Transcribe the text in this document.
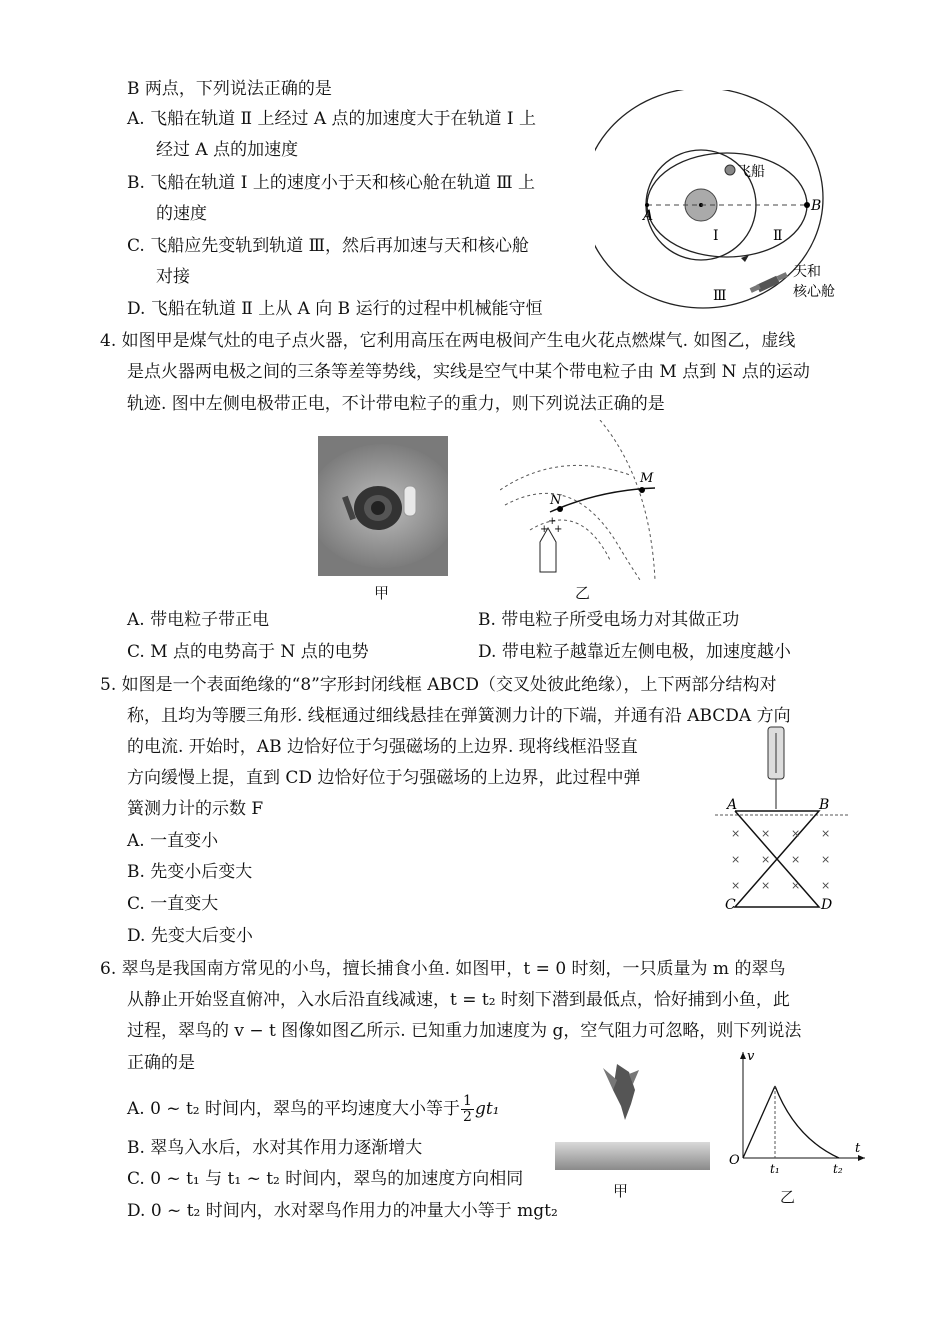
B 两点，下列说法正确的是
A. 飞船在轨道 Ⅱ 上经过 A 点的加速度大于在轨道 Ⅰ 上
经过 A 点的加速度
B. 飞船在轨道 Ⅰ 上的速度小于天和核心舱在轨道 Ⅲ 上
的速度
C. 飞船应先变轨到轨道 Ⅲ，然后再加速与天和核心舱
对接
D. 飞船在轨道 Ⅱ 上从 A 向 B 运行的过程中机械能守恒
飞船
A
B
Ⅰ	Ⅱ
Ⅲ
天和
核心舱
4. 如图甲是煤气灶的电子点火器，它利用高压在两电极间产生电火花点燃煤气. 如图乙，虚线
是点火器两电极之间的三条等差等势线，实线是空气中某个带电粒子由 M 点到 N 点的运动
轨迹. 图中左侧电极带正电，不计带电粒子的重力，则下列说法正确的是
甲
M
N
+
+
+
乙
A. 带电粒子带正电	B. 带电粒子所受电场力对其做正功
C. M 点的电势高于 N 点的电势	D. 带电粒子越靠近左侧电极，加速度越小
5. 如图是一个表面绝缘的“8”字形封闭线框 ABCD（交叉处彼此绝缘），上下两部分结构对
称，且均为等腰三角形. 线框通过细线悬挂在弹簧测力计的下端，并通有沿 ABCDA 方向
的电流. 开始时，AB 边恰好位于匀强磁场的上边界. 现将线框沿竖直
方向缓慢上提，直到 CD 边恰好位于匀强磁场的上边界，此过程中弹
簧测力计的示数 F
A. 一直变小
B. 先变小后变大
C. 一直变大
D. 先变大后变小
A	B
C	D
× × × ×
× × × ×
× × × ×
6. 翠鸟是我国南方常见的小鸟，擅长捕食小鱼. 如图甲，t = 0 时刻，一只质量为 m 的翠鸟
从静止开始竖直俯冲，入水后沿直线减速，t = t₂ 时刻下潜到最低点，恰好捕到小鱼，此
过程，翠鸟的 v − t 图像如图乙所示. 已知重力加速度为 g，空气阻力可忽略，则下列说法
正确的是
A. 0 ~ t₂ 时间内，翠鸟的平均速度大小等于 $\frac{1}{2} gt_1$
B. 翠鸟入水后，水对其作用力逐渐增大
C. 0 ~ t₁ 与 t₁ ~ t₂ 时间内，翠鸟的加速度方向相同
D. 0 ~ t₂ 时间内，水对翠鸟作用力的冲量大小等于 mgt₂
甲
v
t
O
t₁	t₂
乙
